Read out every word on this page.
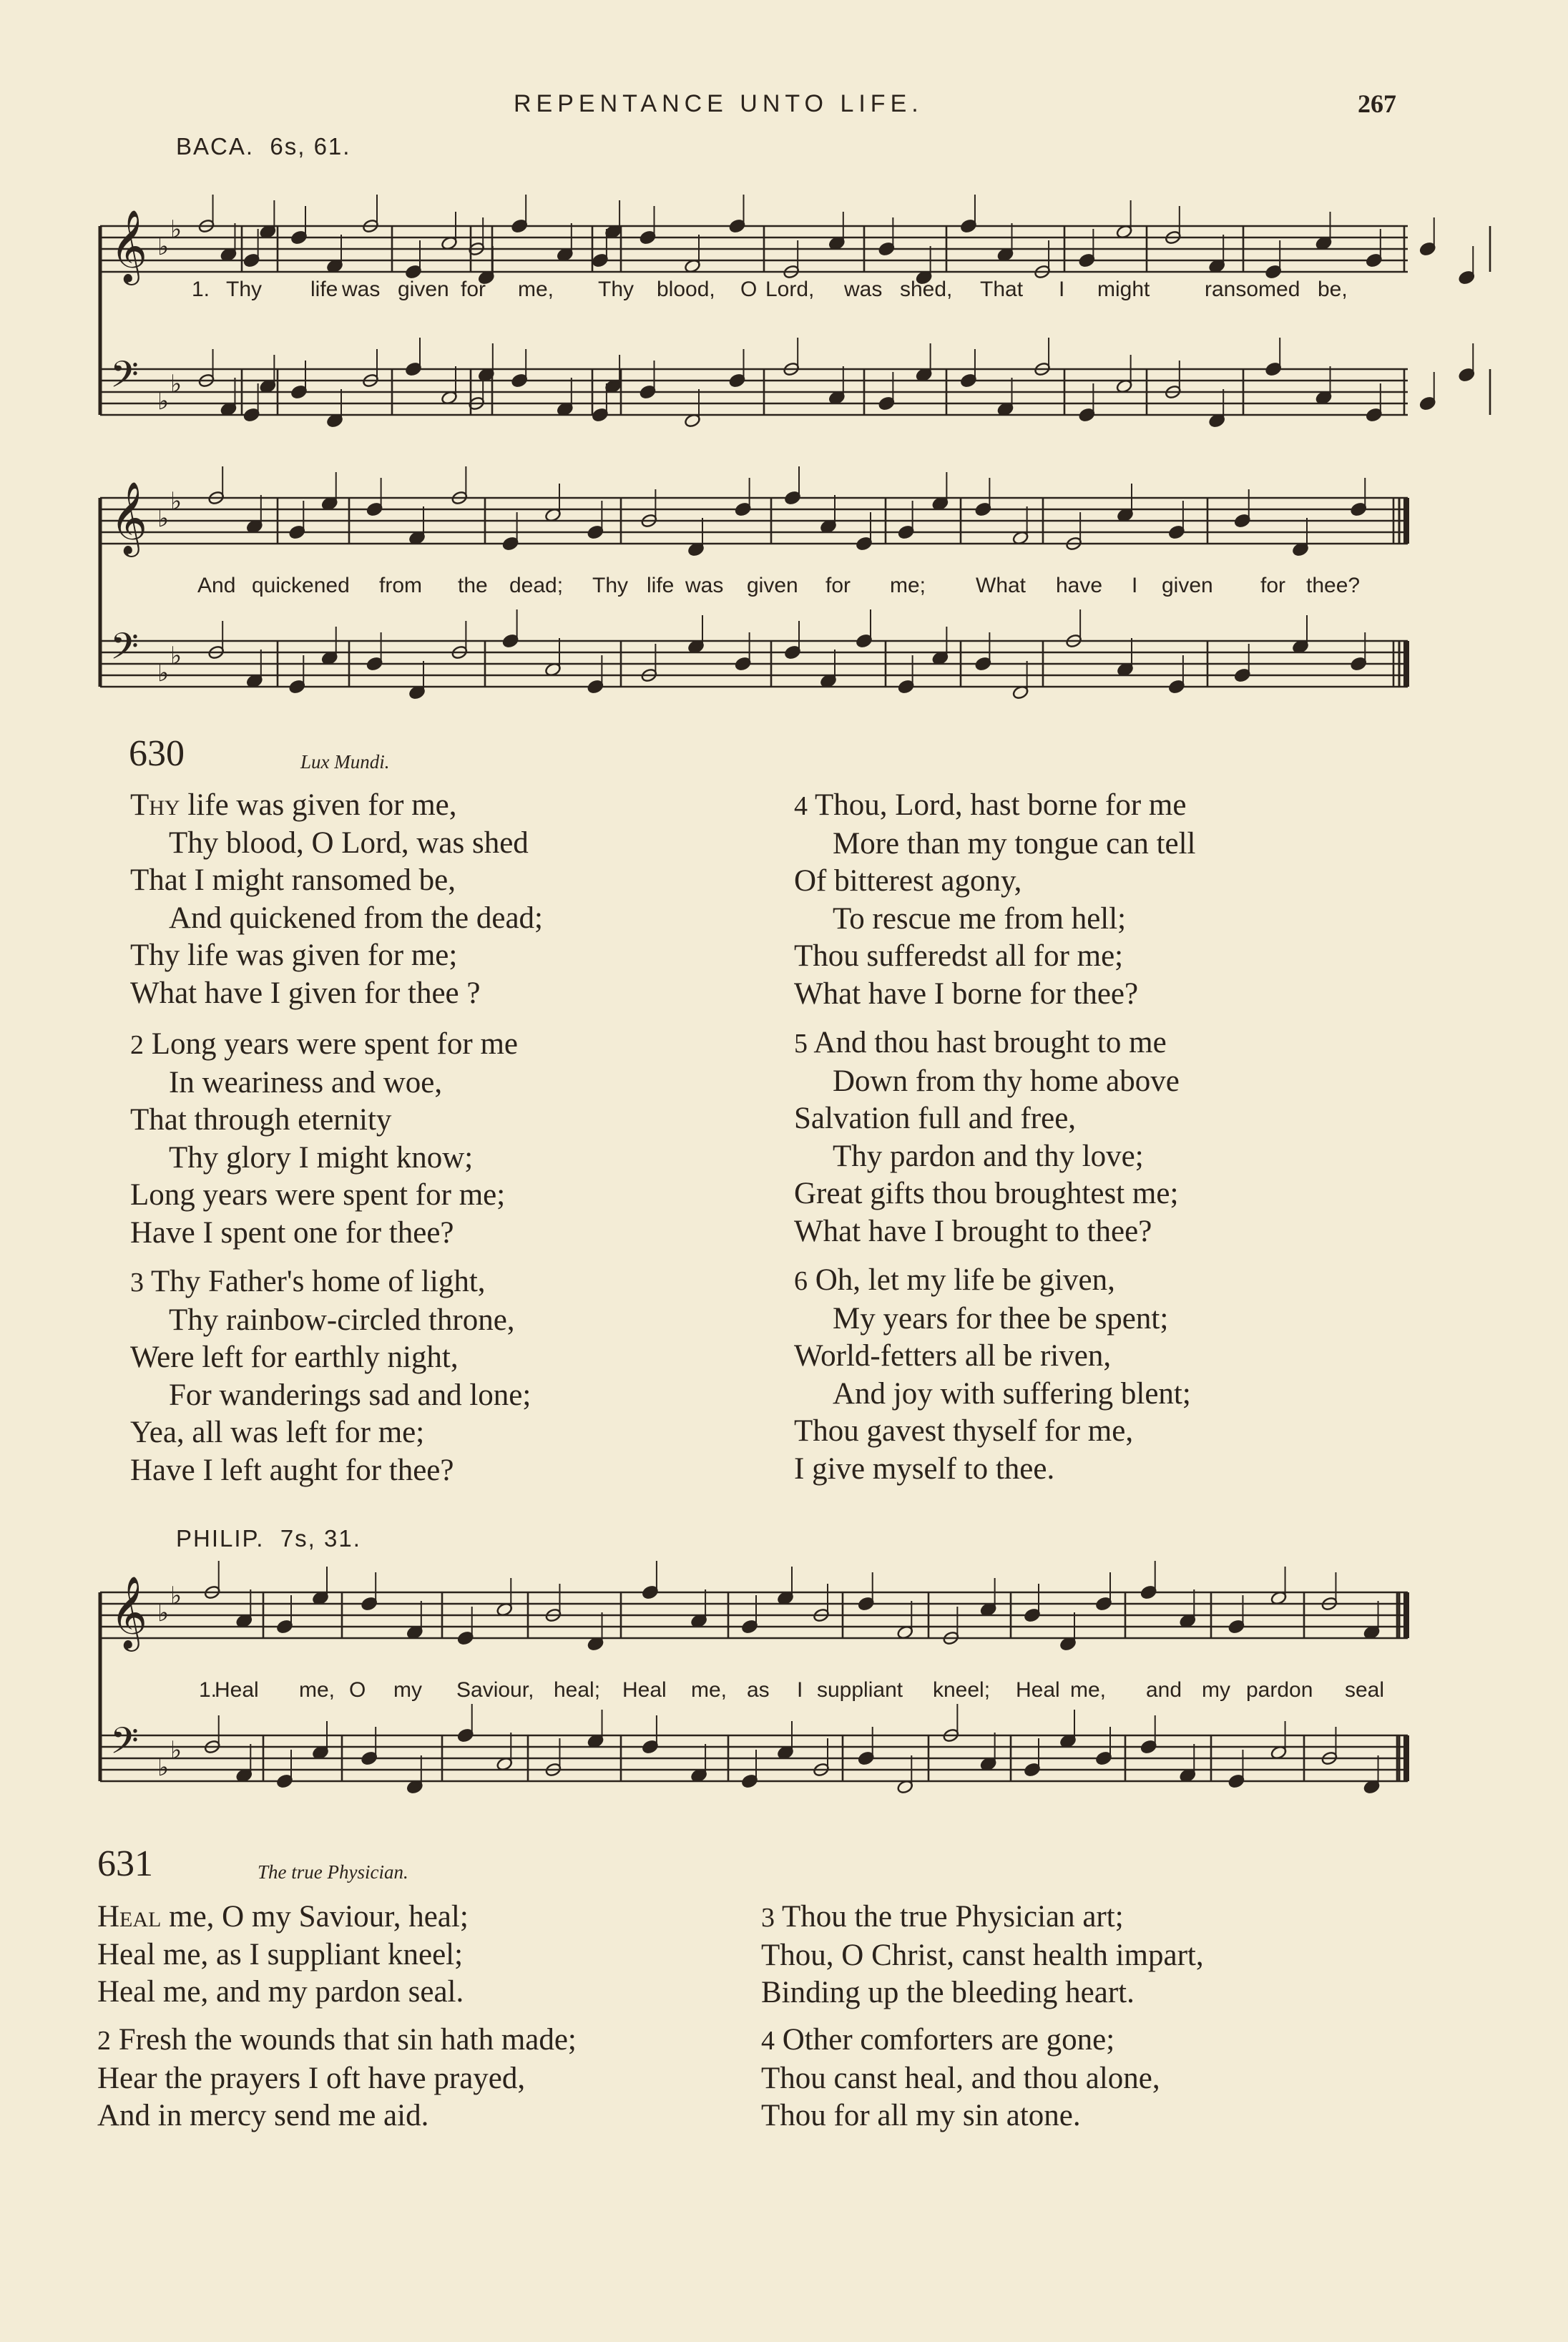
REPENTANCE UNTO LIFE.	267
BACA. 6s, 61.
𝄞 ♭
♭
𝄢 ♭
♭
𝄞 ♭
♭
𝄢 ♭
♭
630	Lux Mundi.
Thy life was given for me,
Thy blood, O Lord, was shed
That I might ransomed be,
And quickened from the dead;
Thy life was given for me;
What have I given for thee ?
2 Long years were spent for me
In weariness and woe,
That through eternity
Thy glory I might know;
Long years were spent for me;
Have I spent one for thee?
3 Thy Father's home of light,
Thy rainbow-circled throne,
Were left for earthly night,
For wanderings sad and lone;
Yea, all was left for me;
Have I left aught for thee?
4 Thou, Lord, hast borne for me
More than my tongue can tell
Of bitterest agony,
To rescue me from hell;
Thou sufferedst all for me;
What have I borne for thee?
5 And thou hast brought to me
Down from thy home above
Salvation full and free,
Thy pardon and thy love;
Great gifts thou broughtest me;
What have I brought to thee?
6 Oh, let my life be given,
My years for thee be spent;
World-fetters all be riven,
And joy with suffering blent;
Thou gavest thyself for me,
I give myself to thee.
PHILIP. 7s, 31.
𝄞 ♭
♭
𝄢 ♭
♭
631	The true Physician.
Heal me, O my Saviour, heal;
Heal me, as I suppliant kneel;
Heal me, and my pardon seal.
2 Fresh the wounds that sin hath made;
Hear the prayers I oft have prayed,
And in mercy send me aid.
3 Thou the true Physician art;
Thou, O Christ, canst health impart,
Binding up the bleeding heart.
4 Other comforters are gone;
Thou canst heal, and thou alone,
Thou for all my sin atone.
1. Thy life was given for me, Thy blood, O Lord, was shed, That I might	ransomed be,
And quickened from the dead; Thy life was given for me; What have I given for thee?
1.
Heal me, O my Saviour, heal; Heal me, as I suppliant kneel; Heal me, and my pardon seal
